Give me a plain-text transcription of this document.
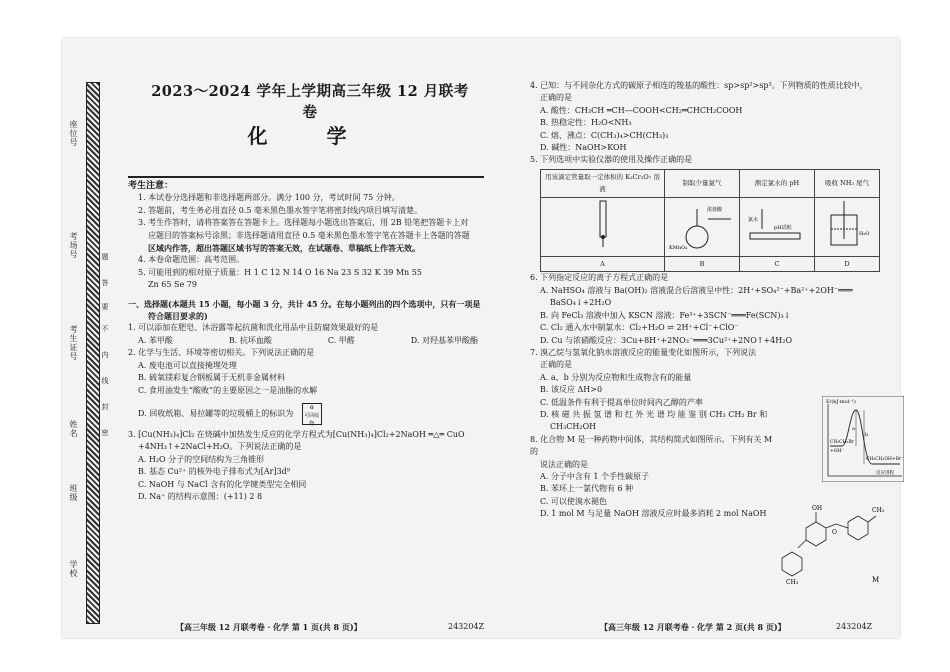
座位号
考场号
考生证号
姓名
班级
学校
题
答
要
不
内
线
封
密
2023～2024 学年上学期高三年级 12 月联考卷
化 学

考生注意：

1. 本试卷分选择题和非选择题两部分。满分 100 分，考试时间 75 分钟。

2. 答题前，考生务必用直径 0.5 毫米黑色墨水签字笔将密封线内项目填写清楚。

3. 考生作答时，请将答案答在答题卡上。选择题每小题选出答案后，用 2B 铅笔把答题卡上对

应题目的答案标号涂黑；非选择题请用直径 0.5 毫米黑色墨水签字笔在答题卡上各题的答题

区域内作答，超出答题区域书写的答案无效，在试题卷、草稿纸上作答无效。

4. 本卷命题范围：高考范围。

5. 可能用到的相对原子质量：H 1 C 12 N 14 O 16 Na 23 S 32 K 39 Mn 55

Zn 65 Se 79

一、选择题(本题共 15 小题，每小题 3 分，共计 45 分。在每小题列出的四个选项中，只有一项是

符合题目要求的)

1. 可以添加在肥皂、沐浴露等起抗菌和洗化用品中且防腐效果最好的是

A. 苯甲酸	B. 抗坏血酸	C. 甲醛	D. 对羟基苯甲酸酯

2. 化学与生活、环境等密切相关。下列说法正确的是

A. 废电池可以直接掩埋处理

B. 硫氧镁彩复合钢板属于无机非金属材料

C. 食用油发生“酸败”的主要原因之一是油脂的水解

D. 回收纸箱、易拉罐等的垃圾桶上的标识为 ♻
可回收物

3. [Cu(NH₃)₄]Cl₂ 在烧碱中加热发生反应的化学方程式为[Cu(NH₃)₄]Cl₂+2NaOH ═△═ CuO

+4NH₃↑+2NaCl+H₂O。下列说法正确的是

A. H₂O 分子的空间结构为三角锥形

B. 基态 Cu²⁺ 的核外电子排布式为[Ar]3d⁹

C. NaOH 与 NaCl 含有的化学键类型完全相同

D. Na⁺ 的结构示意图：(+11) 2 8

4. 已知：与不同杂化方式的碳原子相连的羧基的酸性：sp>sp²>sp³。下列物质的性质比较中，

正确的是

A. 酸性：CH₃CH ═CH—COOH<CH₂═CHCH₂COOH

B. 热稳定性：H₂O<NH₃

C. 熔、沸点：C(CH₃)₄>CH(CH₃)₃

D. 碱性：NaOH>KOH

5. 下列选项中实验仪器的使用及操作正确的是

用该滴定管量取一定体积的 K₂Cr₂O₇ 溶液	制取少量氯气	测定氯水的 pH	吸收 NH₃ 尾气

浓盐酸
KMnO₄	氯水
pH试纸	H₂O

A	B	C	D

6. 下列指定反应的离子方程式正确的是

A. NaHSO₄ 溶液与 Ba(OH)₂ 溶液混合后溶液呈中性：2H⁺+SO₄²⁻+Ba²⁺+2OH⁻═══

BaSO₄↓+2H₂O

B. 向 FeCl₃ 溶液中加入 KSCN 溶液：Fe³⁺+3SCN⁻═══Fe(SCN)₃↓

C. Cl₂ 通入水中制氯水：Cl₂+H₂O ⇌ 2H⁺+Cl⁻+ClO⁻

D. Cu 与浓硝酸反应：3Cu+8H⁺+2NO₃⁻═══3Cu²⁺+2NO↑+4H₂O

7. 溴乙烷与氢氧化钠水溶液反应的能量变化如图所示，下列说法

正确的是

A. a、b 分别为反应物和生成物含有的能量

B. 该反应 ΔH>0

C. 低温条件有利于提高单位时间内乙醇的产率

D. 核 磁 共 振 氢 谱 和 红 外 光 谱 均 能 鉴 别 CH₃ CH₂ Br 和

CH₃CH₂OH

8. 化合物 M 是一种药物中间体，其结构简式如图所示。下列有关 M 的

说法正确的是

A. 分子中含有 1 个手性碳原子

B. 苯环上一氯代物有 6 种

C. 可以使溴水褪色

D. 1 mol M 与足量 NaOH 溶液反应时最多消耗 2 mol NaOH

E/(kJ·mol⁻¹)
a
b
CH₃CH₂Br
+OH⁻
CH₃CH₂OH+Br⁻
反应进程
OH	CH₃
O
CH₃	M
【高三年级 12 月联考卷 · 化学 第 1 页(共 8 页)】	243204Z	【高三年级 12 月联考卷 · 化学 第 2 页(共 8 页)】	243204Z
